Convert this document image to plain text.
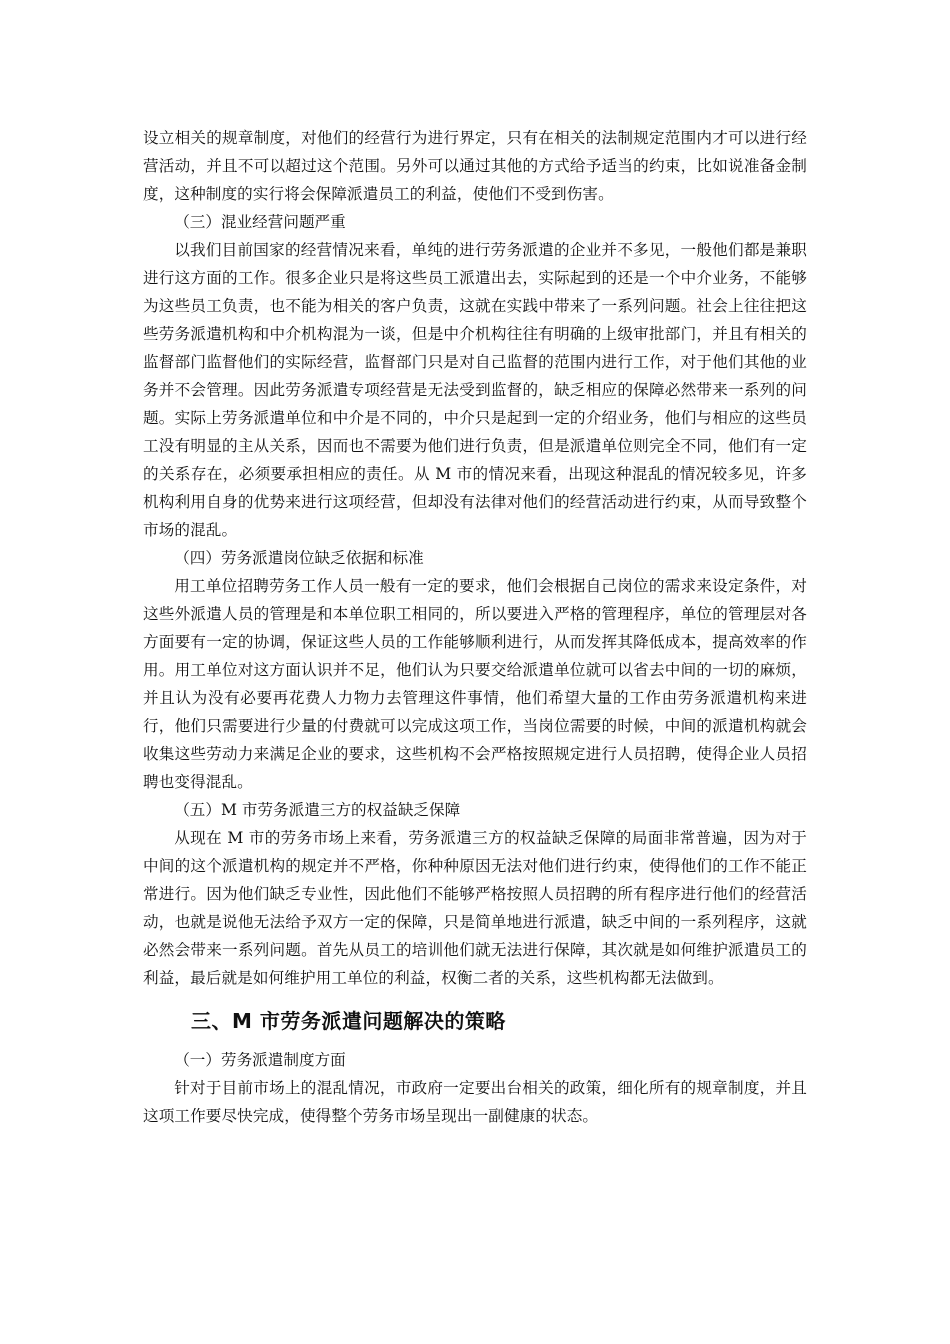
设立相关的规章制度，对他们的经营行为进行界定，只有在相关的法制规定范围内才可以进行经营活动，并且不可以超过这个范围。另外可以通过其他的方式给予适当的约束，比如说准备金制度，这种制度的实行将会保障派遣员工的利益，使他们不受到伤害。

（三）混业经营问题严重

以我们目前国家的经营情况来看，单纯的进行劳务派遣的企业并不多见，一般他们都是兼职进行这方面的工作。很多企业只是将这些员工派遣出去，实际起到的还是一个中介业务，不能够为这些员工负责，也不能为相关的客户负责，这就在实践中带来了一系列问题。社会上往往把这些劳务派遣机构和中介机构混为一谈，但是中介机构往往有明确的上级审批部门，并且有相关的监督部门监督他们的实际经营，监督部门只是对自己监督的范围内进行工作，对于他们其他的业务并不会管理。因此劳务派遣专项经营是无法受到监督的，缺乏相应的保障必然带来一系列的问题。实际上劳务派遣单位和中介是不同的，中介只是起到一定的介绍业务，他们与相应的这些员工没有明显的主从关系，因而也不需要为他们进行负责，但是派遣单位则完全不同，他们有一定的关系存在，必须要承担相应的责任。从 M 市的情况来看，出现这种混乱的情况较多见，许多机构利用自身的优势来进行这项经营，但却没有法律对他们的经营活动进行约束，从而导致整个市场的混乱。

（四）劳务派遣岗位缺乏依据和标准

用工单位招聘劳务工作人员一般有一定的要求，他们会根据自己岗位的需求来设定条件，对这些外派遣人员的管理是和本单位职工相同的，所以要进入严格的管理程序，单位的管理层对各方面要有一定的协调，保证这些人员的工作能够顺利进行，从而发挥其降低成本，提高效率的作用。用工单位对这方面认识并不足，他们认为只要交给派遣单位就可以省去中间的一切的麻烦，并且认为没有必要再花费人力物力去管理这件事情，他们希望大量的工作由劳务派遣机构来进行，他们只需要进行少量的付费就可以完成这项工作，当岗位需要的时候，中间的派遣机构就会收集这些劳动力来满足企业的要求，这些机构不会严格按照规定进行人员招聘，使得企业人员招聘也变得混乱。

（五）M 市劳务派遣三方的权益缺乏保障

从现在 M 市的劳务市场上来看，劳务派遣三方的权益缺乏保障的局面非常普遍，因为对于中间的这个派遣机构的规定并不严格，你种种原因无法对他们进行约束，使得他们的工作不能正常进行。因为他们缺乏专业性，因此他们不能够严格按照人员招聘的所有程序进行他们的经营活动，也就是说他无法给予双方一定的保障，只是简单地进行派遣，缺乏中间的一系列程序，这就必然会带来一系列问题。首先从员工的培训他们就无法进行保障，其次就是如何维护派遣员工的利益，最后就是如何维护用工单位的利益，权衡二者的关系，这些机构都无法做到。

三、M 市劳务派遣问题解决的策略

（一）劳务派遣制度方面

针对于目前市场上的混乱情况，市政府一定要出台相关的政策，细化所有的规章制度，并且这项工作要尽快完成，使得整个劳务市场呈现出一副健康的状态。
